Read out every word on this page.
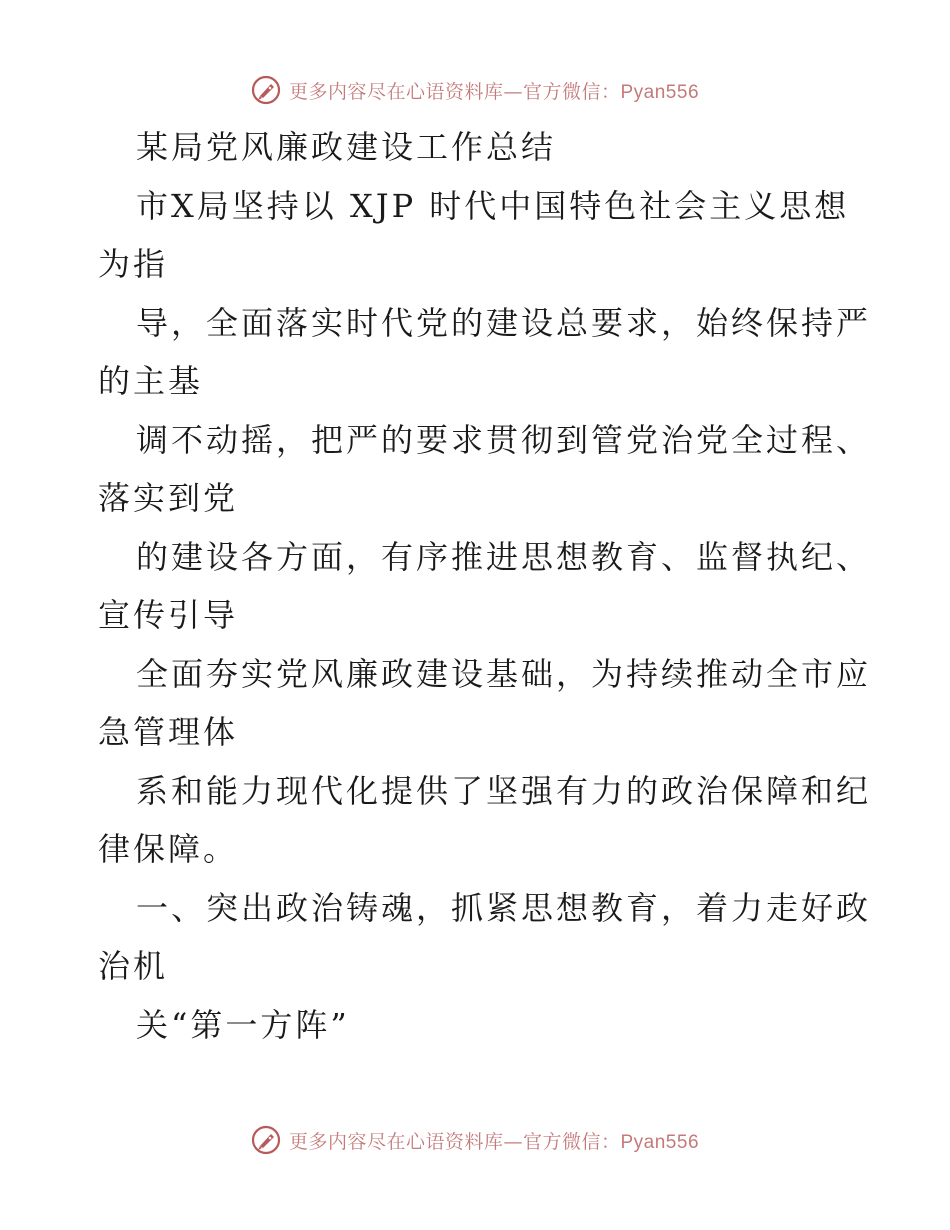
更多内容尽在心语资料库—官方微信：Pyan556
某局党风廉政建设工作总结
市X局坚持以 XJP 时代中国特色社会主义思想
为指
导，全面落实时代党的建设总要求，始终保持严
的主基
调不动摇，把严的要求贯彻到管党治党全过程、
落实到党
的建设各方面，有序推进思想教育、监督执纪、
宣传引导
全面夯实党风廉政建设基础，为持续推动全市应
急管理体
系和能力现代化提供了坚强有力的政治保障和纪
律保障。
一、突出政治铸魂，抓紧思想教育，着力走好政
治机
关“第一方阵”
更多内容尽在心语资料库—官方微信：Pyan556
